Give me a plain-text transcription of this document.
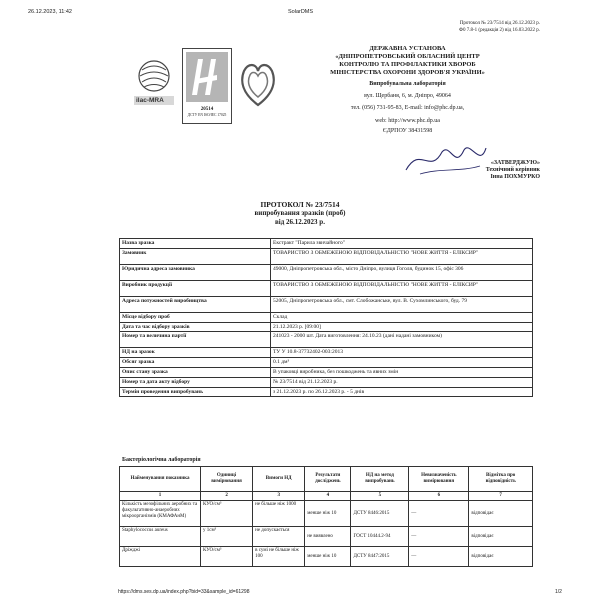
26.12.2023, 11:42	SolarDMS
Протокол № 23/7514 від 26.12.2023 р.
Ф0 7.8-1 (редакція 2) від 16.03.2022 р.
ilac-MRA
20514
ДСТУ EN ISO/IEC 17025
ДЕРЖАВНА УСТАНОВА
«ДНІПРОПЕТРОВСЬКИЙ ОБЛАСНИЙ ЦЕНТР
КОНТРОЛЮ ТА ПРОФІЛАКТИКИ ХВОРОБ
МІНІСТЕРСТВА ОХОРОНИ ЗДОРОВ'Я УКРАЇНИ»
Випробувальна лабораторія
вул. Щербаня, 6, м. Дніпро, 49064
тел. (056) 731-95-83, E-mail: info@phc.dp.ua,
web: http://www.phc.dp.ua
ЄДРПОУ 38431598
«ЗАТВЕРДЖУЮ»
Технічний керівник
Інна ПОХМУРКО
ПРОТОКОЛ № 23/7514
випробування зразків (проб)
від 26.12.2023 р.
Назва зразка	Екстракт "Парила звичайного"
Замовник	ТОВАРИСТВО З ОБМЕЖЕНОЮ ВІДПОВІДАЛЬНІСТЮ "НОВЕ ЖИТТЯ - ЕЛІКСИР"
Юридична адреса замовника	49000, Дніпропетровська обл., місто Дніпро, вулиця Гоголя, будинок 15, офіс 306
Виробник продукції	ТОВАРИСТВО З ОБМЕЖЕНОЮ ВІДПОВІДАЛЬНІСТЮ "НОВЕ ЖИТТЯ - ЕЛІКСИР"
Адреса потужностей виробництва	52005, Дніпропетровська обл., смт. Слобожанське, вул. В. Сухомлинського, буд. 79
Місце відбору проб	Склад
Дата та час відбору зразків	21.12.2023 р. [09:00]
Номер та величина партії	241023 - 2000 шт. Дата виготовлення: 24.10.23 (дані надані замовником)
НД на зразок	ТУ У 10.8-37732402-003:2013
Обсяг зразка	0.1 дм³
Опис стану зразка	В упаковці виробника, без пошкоджень та явних змін
Номер та дата акту відбору	№ 23/7514 від 21.12.2023 р.
Термін проведення випробувань	з 21.12.2023 р. по 26.12.2023 р. - 5 днів
Бактеріологічна лабораторія
Найменування показника	Одиниці вимірювання	Вимоги НД	Результати досліджень	НД на метод випробувань	Невизначеність вимірювання	Відмітка про відповідність
1	2	3	4	5	6	7
Кількість мезофільних аеробних та факультативно-анаеробних мікроорганізмів (КМАФАнМ)	КУО/см³	не більше ніж 1000	менше ніж 10	ДСТУ 8446:2015	—	відповідає
Staphylococcus aureus	у 1см³	не допускається	не виявлено	ГОСТ 10444.2-94	—	відповідає
Дріжджі	КУО/см³	в сумі не більше ніж 100	менше ніж 10	ДСТУ 8447:2015	—	відповідає
https://dms.ses.dp.ua/index.php?bid=33&sample_id=61298	1/2
